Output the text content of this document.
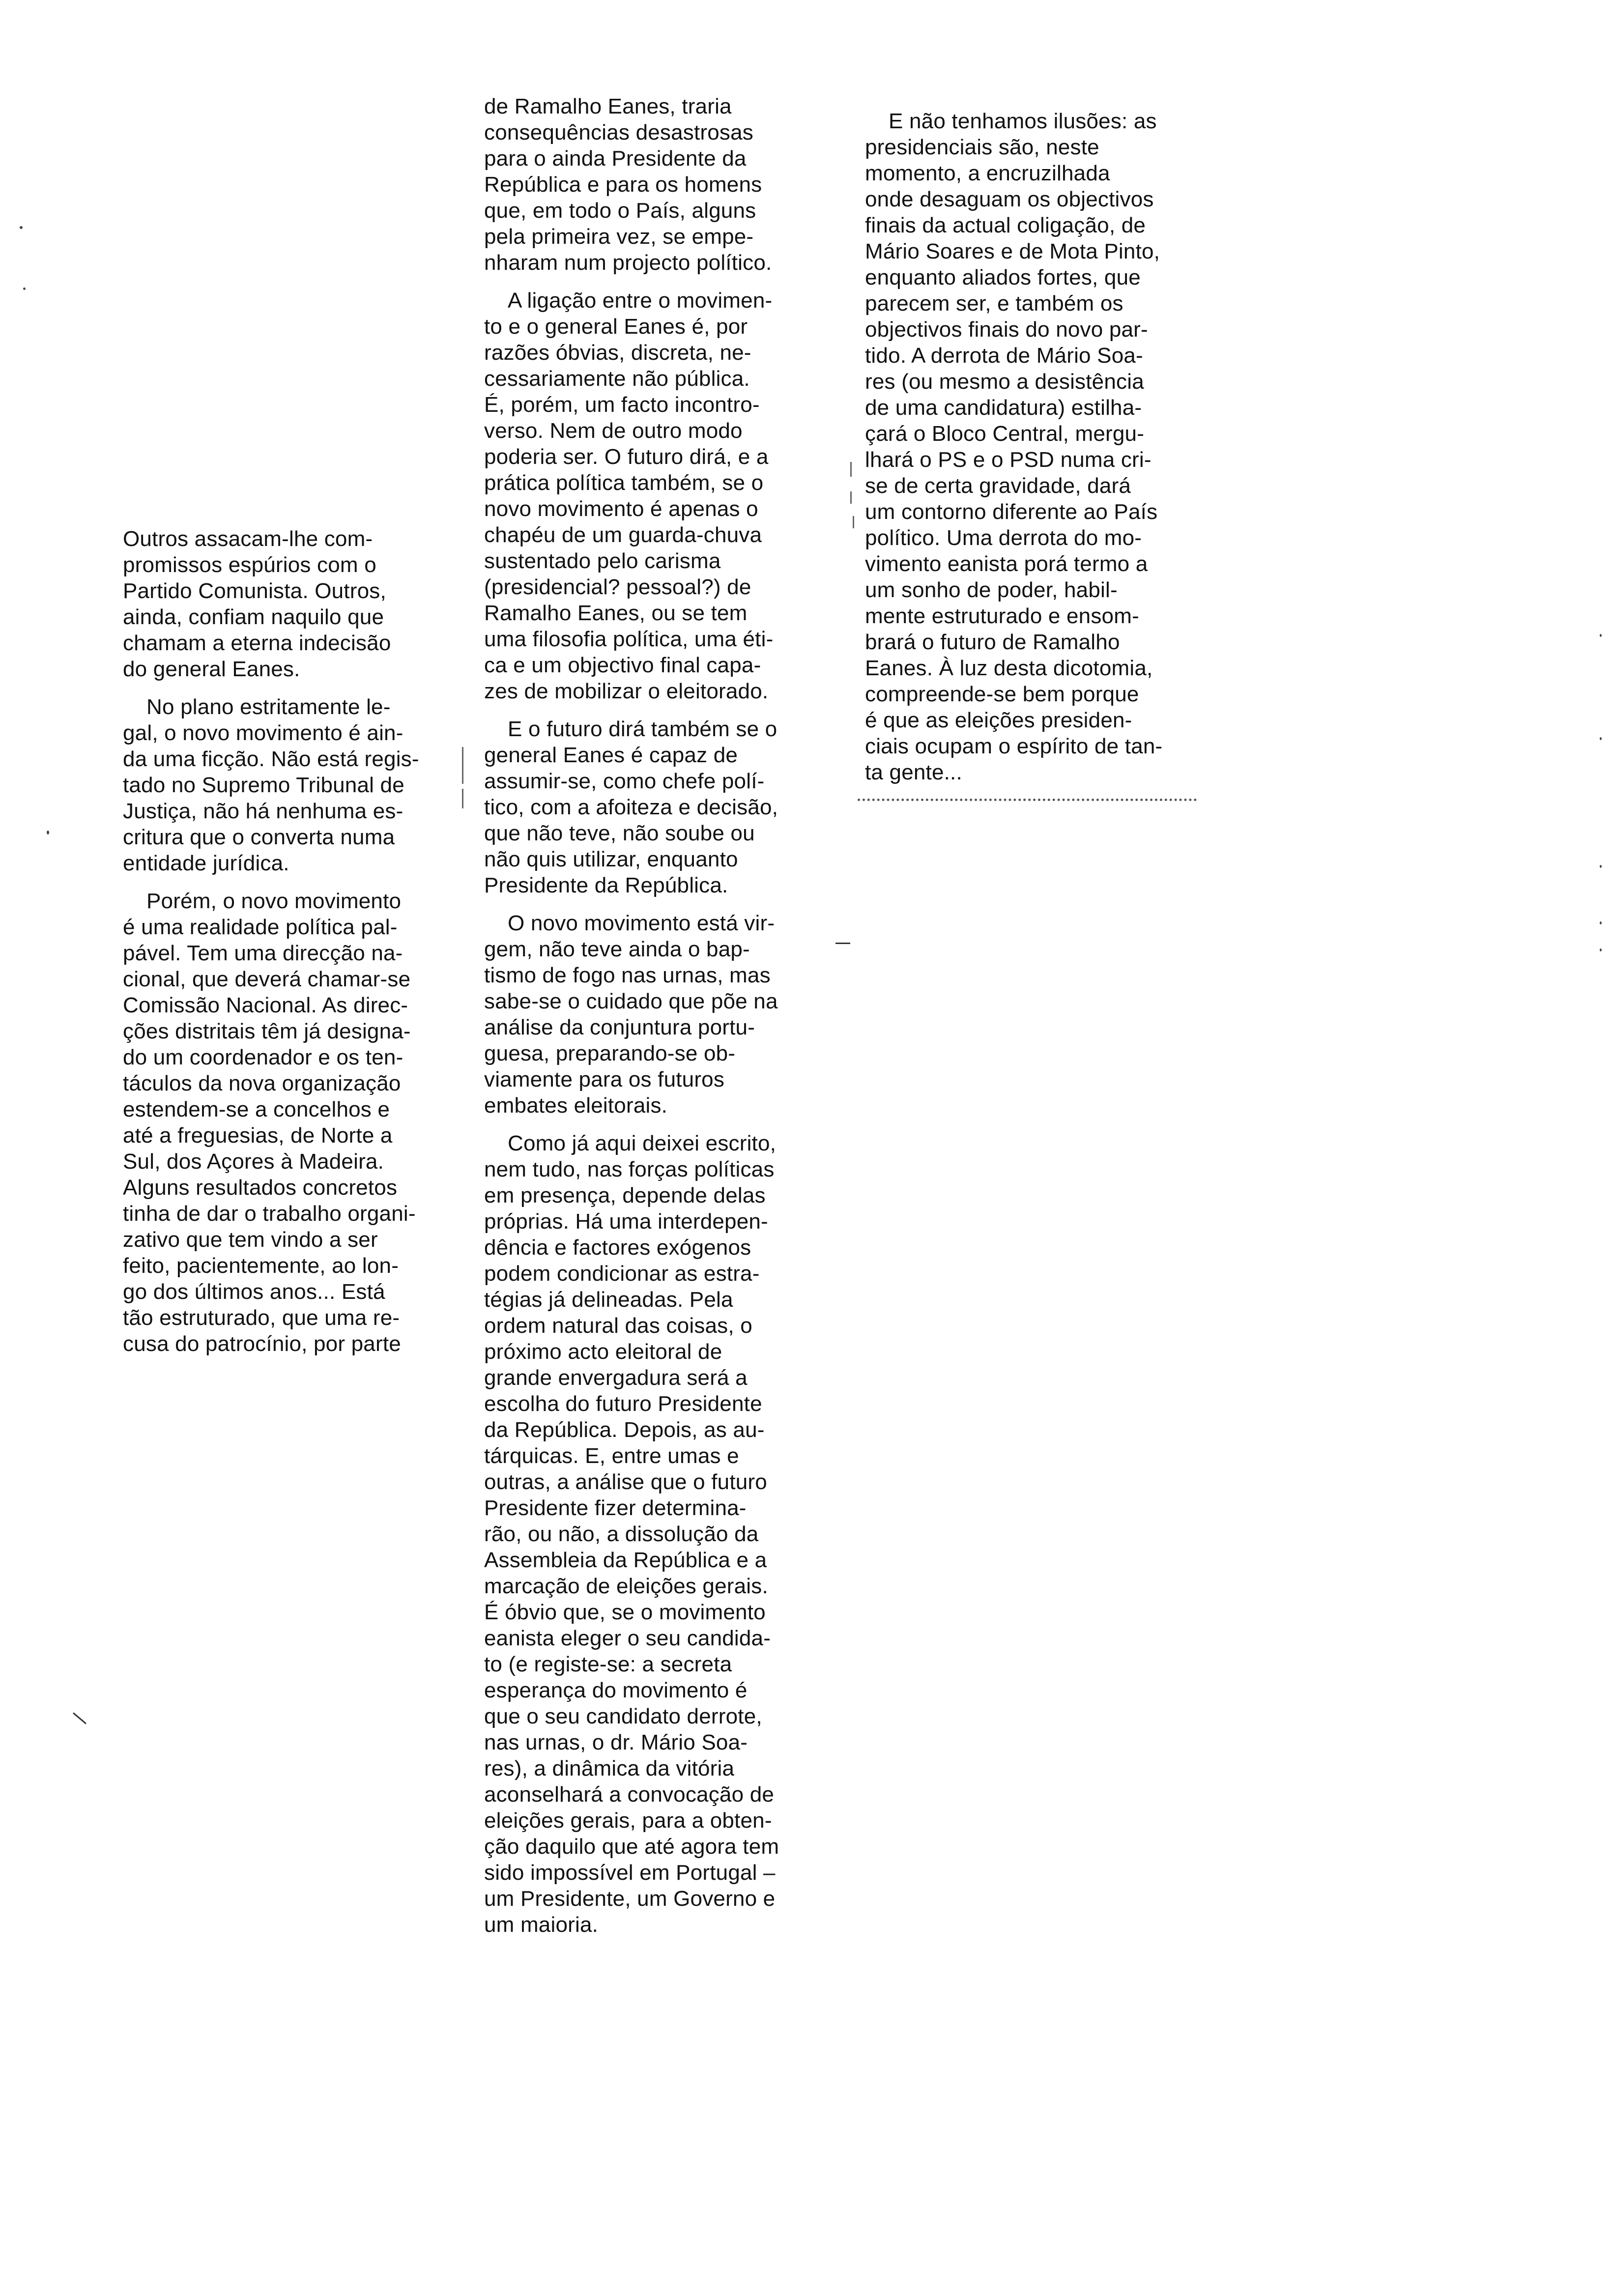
Outros assacam-lhe com-
promissos espúrios com o
Partido Comunista. Outros,
ainda, confiam naquilo que
chamam a eterna indecisão
do general Eanes.

No plano estritamente le-
gal, o novo movimento é ain-
da uma ficção. Não está regis-
tado no Supremo Tribunal de
Justiça, não há nenhuma es-
critura que o converta numa
entidade jurídica.

Porém, o novo movimento
é uma realidade política pal-
pável. Tem uma direcção na-
cional, que deverá chamar-se
Comissão Nacional. As direc-
ções distritais têm já designa-
do um coordenador e os ten-
táculos da nova organização
estendem-se a concelhos e
até a freguesias, de Norte a
Sul, dos Açores à Madeira.
Alguns resultados concretos
tinha de dar o trabalho organi-
zativo que tem vindo a ser
feito, pacientemente, ao lon-
go dos últimos anos... Está
tão estruturado, que uma re-
cusa do patrocínio, por parte

de Ramalho Eanes, traria
consequências desastrosas
para o ainda Presidente da
República e para os homens
que, em todo o País, alguns
pela primeira vez, se empe-
nharam num projecto político.

A ligação entre o movimen-
to e o general Eanes é, por
razões óbvias, discreta, ne-
cessariamente não pública.
É, porém, um facto incontro-
verso. Nem de outro modo
poderia ser. O futuro dirá, e a
prática política também, se o
novo movimento é apenas o
chapéu de um guarda-chuva
sustentado pelo carisma
(presidencial? pessoal?) de
Ramalho Eanes, ou se tem
uma filosofia política, uma éti-
ca e um objectivo final capa-
zes de mobilizar o eleitorado.

E o futuro dirá também se o
general Eanes é capaz de
assumir-se, como chefe polí-
tico, com a afoiteza e decisão,
que não teve, não soube ou
não quis utilizar, enquanto
Presidente da República.

O novo movimento está vir-
gem, não teve ainda o bap-
tismo de fogo nas urnas, mas
sabe-se o cuidado que põe na
análise da conjuntura portu-
guesa, preparando-se ob-
viamente para os futuros
embates eleitorais.

Como já aqui deixei escrito,
nem tudo, nas forças políticas
em presença, depende delas
próprias. Há uma interdepen-
dência e factores exógenos
podem condicionar as estra-
tégias já delineadas. Pela
ordem natural das coisas, o
próximo acto eleitoral de
grande envergadura será a
escolha do futuro Presidente
da República. Depois, as au-
tárquicas. E, entre umas e
outras, a análise que o futuro
Presidente fizer determina-
rão, ou não, a dissolução da
Assembleia da República e a
marcação de eleições gerais.
É óbvio que, se o movimento
eanista eleger o seu candida-
to (e registe-se: a secreta
esperança do movimento é
que o seu candidato derrote,
nas urnas, o dr. Mário Soa-
res), a dinâmica da vitória
aconselhará a convocação de
eleições gerais, para a obten-
ção daquilo que até agora tem
sido impossível em Portugal –
um Presidente, um Governo e
um maioria.

E não tenhamos ilusões: as
presidenciais são, neste
momento, a encruzilhada
onde desaguam os objectivos
finais da actual coligação, de
Mário Soares e de Mota Pinto,
enquanto aliados fortes, que
parecem ser, e também os
objectivos finais do novo par-
tido. A derrota de Mário Soa-
res (ou mesmo a desistência
de uma candidatura) estilha-
çará o Bloco Central, mergu-
lhará o PS e o PSD numa cri-
se de certa gravidade, dará
um contorno diferente ao País
político. Uma derrota do mo-
vimento eanista porá termo a
um sonho de poder, habil-
mente estruturado e ensom-
brará o futuro de Ramalho
Eanes. À luz desta dicotomia,
compreende-se bem porque
é que as eleições presiden-
ciais ocupam o espírito de tan-
ta gente...
